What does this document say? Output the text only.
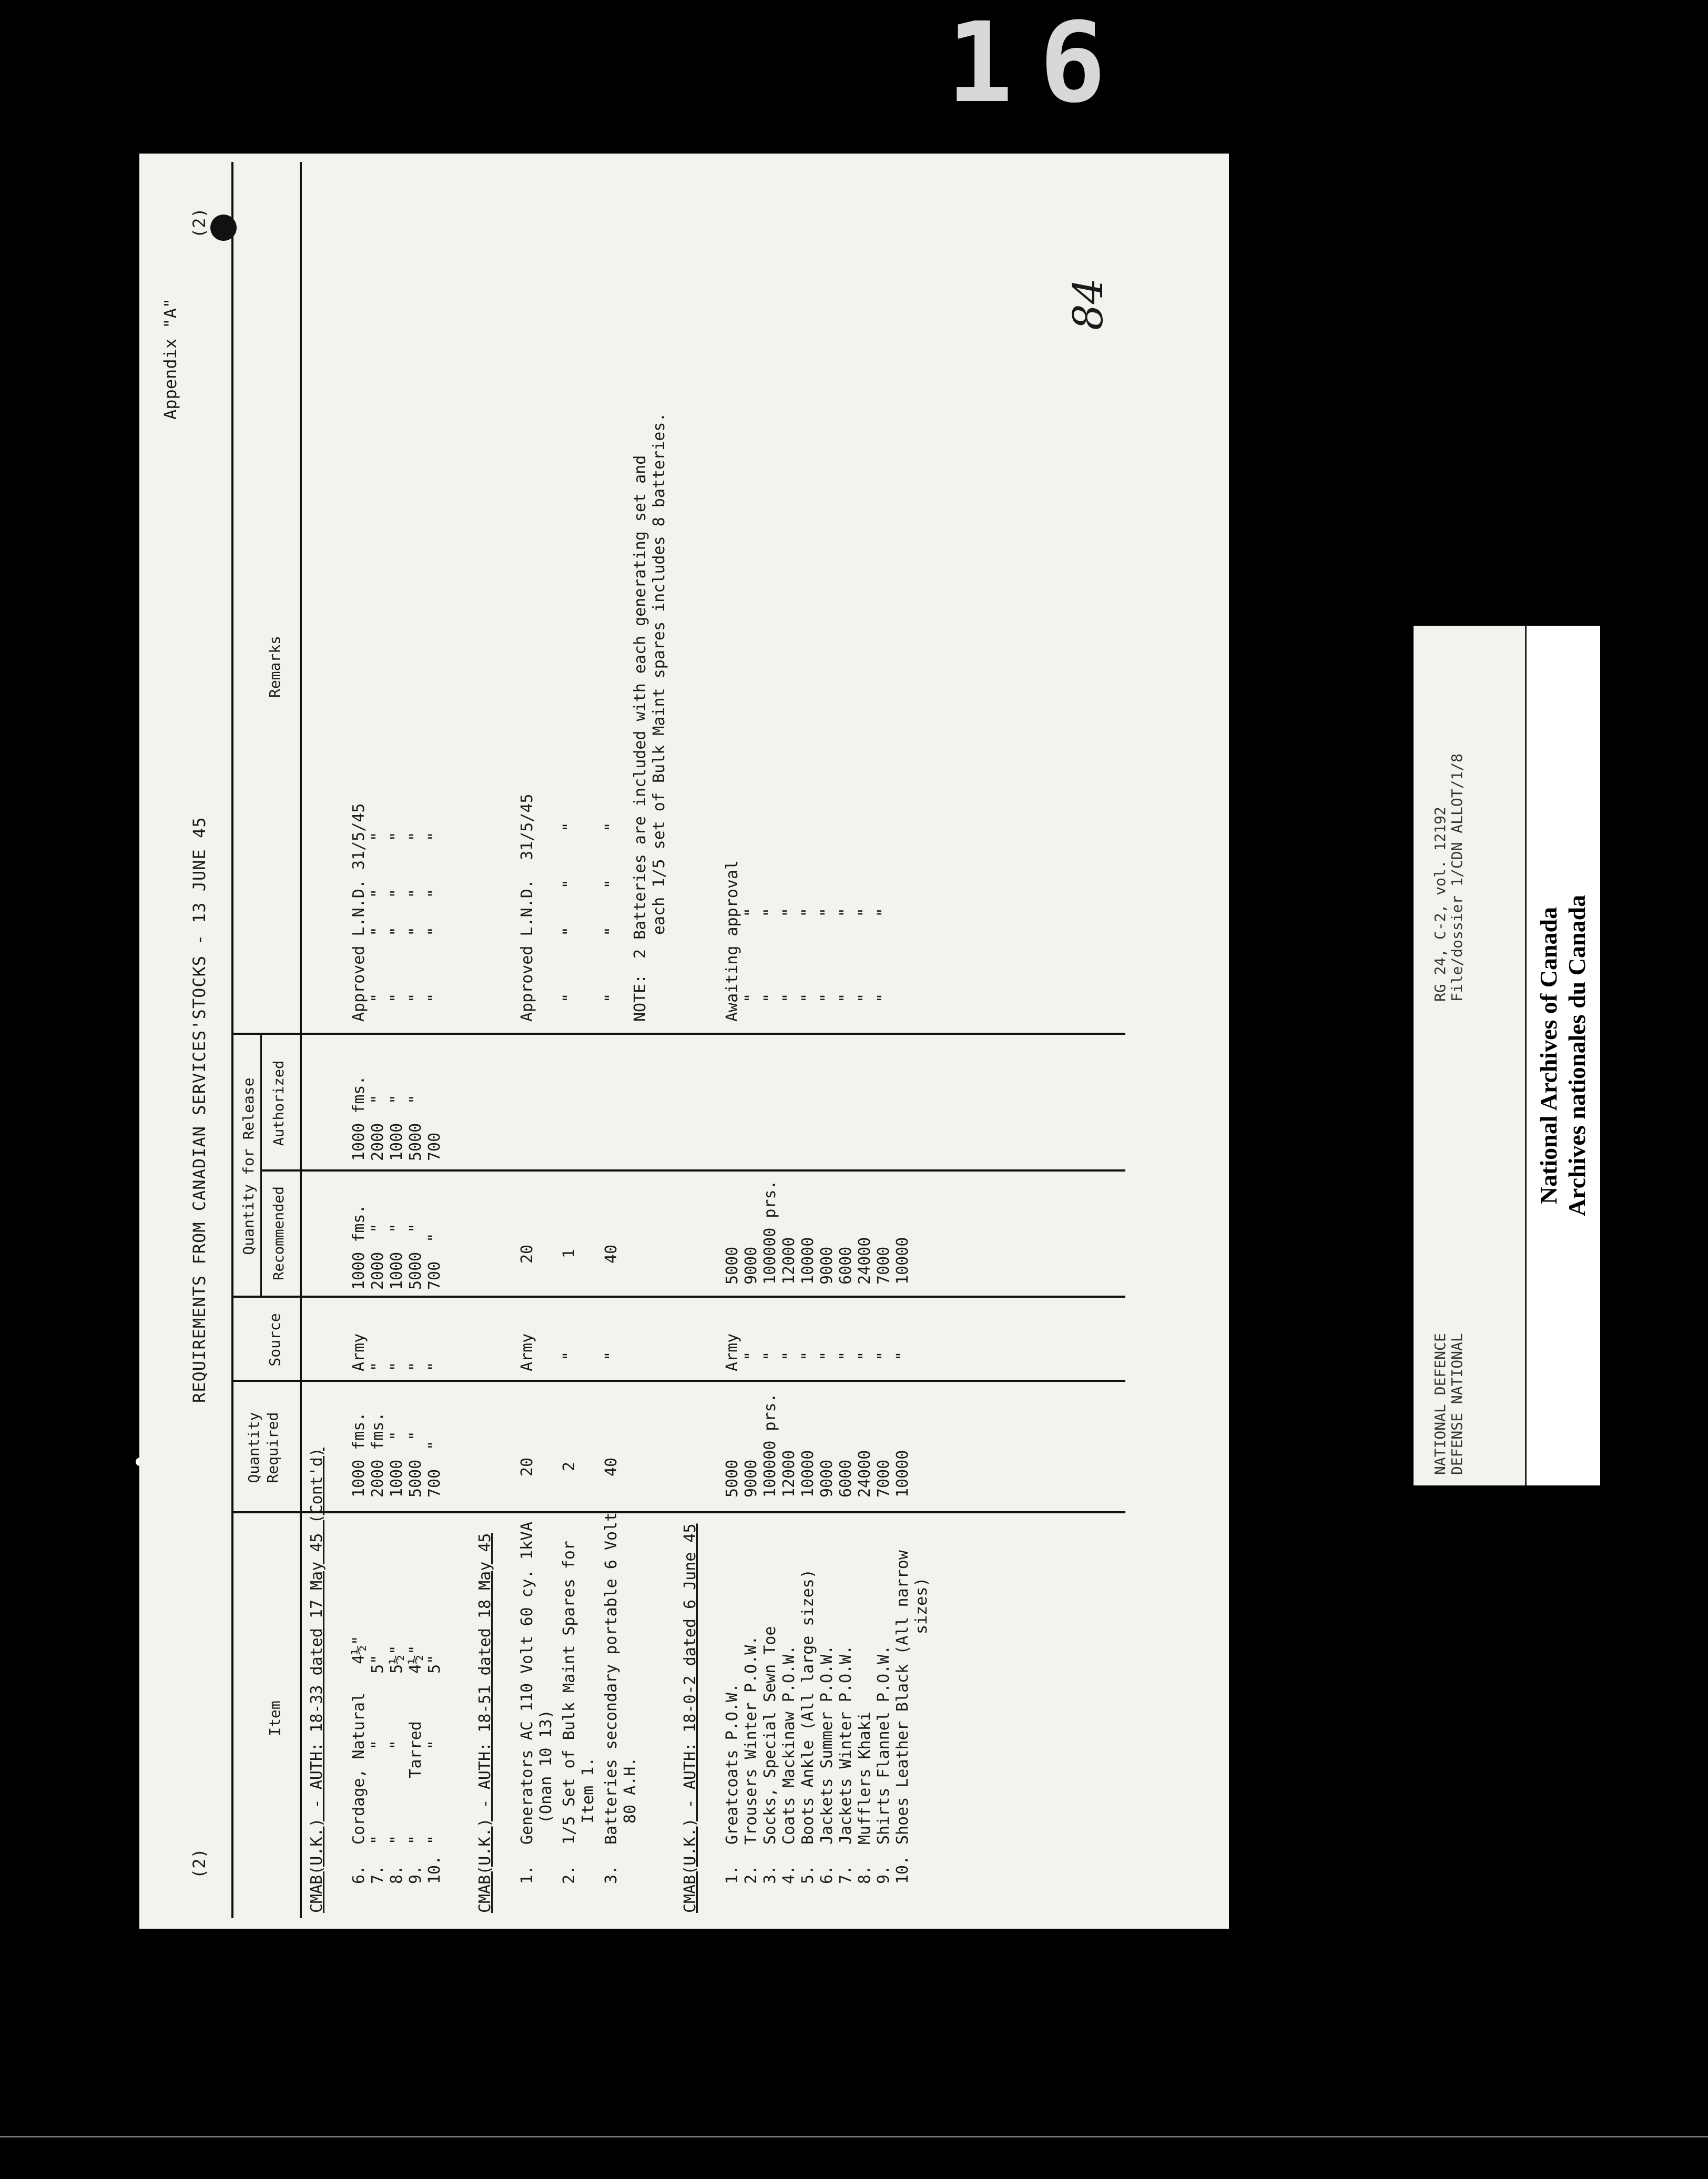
16
(2)
REQUIREMENTS FROM CANADIAN SERVICES'STOCKS - 13 JUNE 45
Appendix "A"
(2)
84
Item
Quantity Required
Source
Quantity for Release Recommended
Authorized
Remarks
CMAB(U.K.) - AUTH: 18-33 dated 17 May 45 (Cont'd) 6.
Cordage, Natural   4½"
1000 fms.
Army
1000 fms.
1000 fms.
Approved L.N.D. 31/5/45
7.
"         "       5"
2000 fms.
"
2000  "
2000  "
"      "   "     "
8.
"         "       5½"
1000  "
"
1000  "
1000  "
"      "   "     "
9.
"      Tarred     4½"
5000  "
"
5000  "
5000  "
"      "   "     "
10.
"         "       5"
700  "
"
700  "
700
"      "   "     "
CMAB(U.K.) - AUTH: 18-51 dated 18 May 45 1.
Generators AC 110 Volt 60 cy. 1kVA (Onan 10 13)
20
Army
20
Approved L.N.D.  31/5/45
2.
1/5 Set of Bulk Maint Spares for Item 1.
2
"
1
"      "    "     "
3.
Batteries secondary portable 6 Volt 80 A.H.
40
"
40
"      "    "     " NOTE:
2 Batteries are included with each generating set and each 1/5 set of Bulk Maint spares includes 8 batteries.
CMAB(U.K.) - AUTH: 18-0-2 dated 6 June 45 1.
Greatcoats P.O.W.
5000
Army
5000
Awaiting approval
2.
Trousers Winter P.O.W.
9000
"
9000
"        "
3.
Socks, Special Sewn Toe
100000 prs.
"
100000 prs.
"        "
4.
Coats Mackinaw P.O.W.
12000
"
12000
"        "
5.
Boots Ankle (All large sizes)
10000
"
10000
"        "
6.
Jackets Summer P.O.W.
9000
"
9000
"        "
7.
Jackets Winter P.O.W.
6000
"
6000
"        "
8.
Mufflers Khaki
24000
"
24000
"        "
9.
Shirts Flannel P.O.W.
7000
"
7000
"        "
10.
Shoes Leather Black (All narrow sizes)
10000
"
10000
NATIONAL DEFENCE DEFENSE NATIONAL
RG 24, C-2, vol. 12192 File/dossier 1/CDN ALLOT/1/8
National Archives of Canada Archives nationales du Canada
